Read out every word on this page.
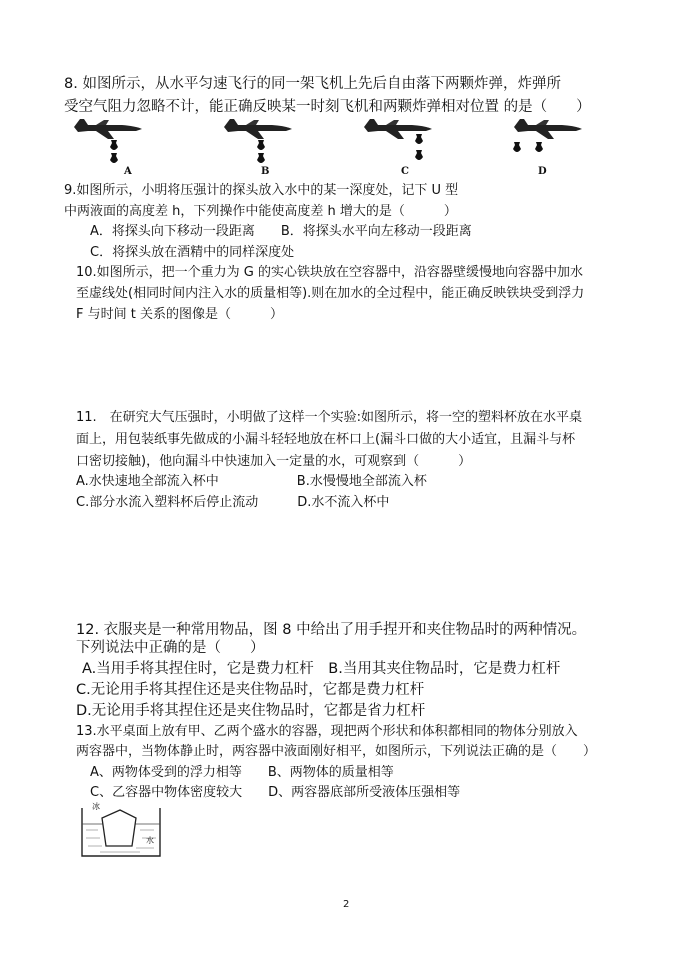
8. 如图所示，从水平匀速飞行的同一架飞机上先后自由落下两颗炸弹，炸弹所
受空气阻力忽略不计，能正确反映某一时刻飞机和两颗炸弹相对位置 的是（　　）
A	B	C	D
9.如图所示，小明将压强计的探头放入水中的某一深度处，记下 U 型
中两液面的高度差 h，下列操作中能使高度差 h 增大的是（　　　）
A．将探头向下移动一段距离　　B．将探头水平向左移动一段距离
C．将探头放在酒精中的同样深度处
10.如图所示，把一个重力为 G 的实心铁块放在空容器中，沿容器壁缓慢地向容器中加水
至虚线处(相同时间内注入水的质量相等).则在加水的全过程中，能正确反映铁块受到浮力
F 与时间 t 关系的图像是（　　　）
11.　在研究大气压强时，小明做了这样一个实验:如图所示，将一空的塑料杯放在水平桌
面上，用包装纸事先做成的小漏斗轻轻地放在杯口上(漏斗口做的大小适宜，且漏斗与杯
口密切接触)，他向漏斗中快速加入一定量的水，可观察到（　　　）
A.水快速地全部流入杯中　　　　　　B.水慢慢地全部流入杯
C.部分水流入塑料杯后停止流动　　　D.水不流入杯中
12. 衣服夹是一种常用物品，图 8 中给出了用手捏开和夹住物品时的两种情况。
下列说法中正确的是（　　）
A.当用手将其捏住时，它是费力杠杆　B.当用其夹住物品时，它是费力杠杆
C.无论用手将其捏住还是夹住物品时，它都是费力杠杆
D.无论用手将其捏住还是夹住物品时，它都是省力杠杆
13.水平桌面上放有甲、乙两个盛水的容器，现把两个形状和体积都相同的物体分别放入
两容器中，当物体静止时，两容器中液面刚好相平，如图所示，下列说法正确的是（　　）
A、两物体受到的浮力相等　　B、两物体的质量相等
C、乙容器中物体密度较大　　D、两容器底部所受液体压强相等
冰
水
2
